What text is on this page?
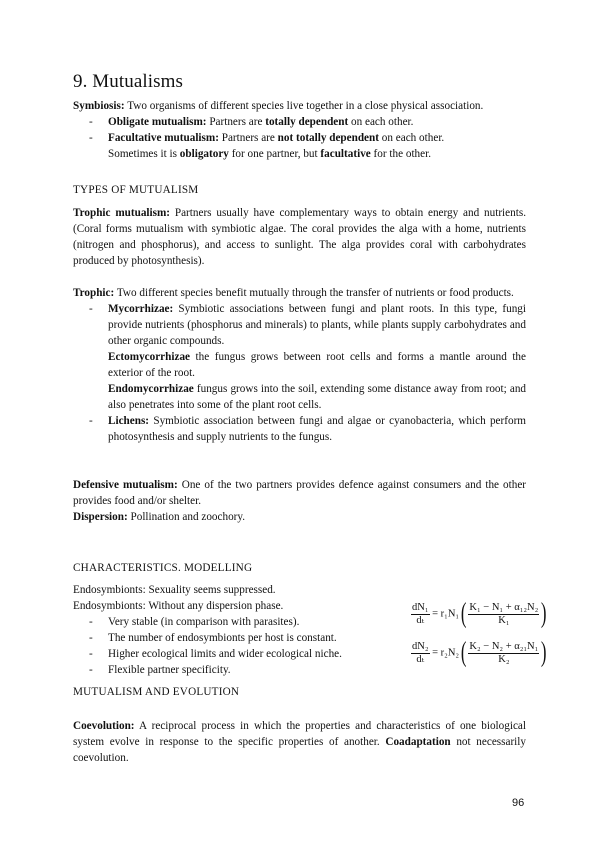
9. Mutualisms
Symbiosis: Two organisms of different species live together in a close physical association.
- Obligate mutualism: Partners are totally dependent on each other.
- Facultative mutualism: Partners are not totally dependent on each other.
Sometimes it is obligatory for one partner, but facultative for the other.
TYPES OF MUTUALISM

Trophic mutualism: Partners usually have complementary ways to obtain energy and nutrients. (Coral forms mutualism with symbiotic algae. The coral provides the alga with a home, nutrients (nitrogen and phosphorus), and access to sunlight. The alga provides coral with carbohydrates produced by photosynthesis).

Trophic: Two different species benefit mutually through the transfer of nutrients or food products.
- Mycorrhizae: Symbiotic associations between fungi and plant roots. In this type, fungi provide nutrients (phosphorus and minerals) to plants, while plants supply carbohydrates and other organic compounds.
Ectomycorrhizae the fungus grows between root cells and forms a mantle around the exterior of the root.
Endomycorrhizae fungus grows into the soil, extending some distance away from root; and also penetrates into some of the plant root cells.
- Lichens: Symbiotic association between fungi and algae or cyanobacteria, which perform photosynthesis and supply nutrients to the fungus.

Defensive mutualism: One of the two partners provides defence against consumers and the other provides food and/or shelter.

Dispersion: Pollination and zoochory.

CHARACTERISTICS. MODELLING
Endosymbionts: Sexuality seems suppressed.
Endosymbionts: Without any dispersion phase.
- Very stable (in comparison with parasites).
- The number of endosymbionts per host is constant.
- Higher ecological limits and wider ecological niche.
- Flexible partner specificity.
MUTUALISM AND EVOLUTION

Coevolution: A reciprocal process in which the properties and characteristics of one biological system evolve in response to the specific properties of another. Coadaptation not necessarily coevolution.

$\frac{\text{dN₁}}{\text{dₜ}} = r_1N_1( \frac{\text{K₁ − N₁ + α₁₂N₂}}{\text{K₁}}$ )
$\frac{\text{dN₂}}{\text{dₜ}} = r_2N_2( \frac{\text{K₂ − N₂ + α₂₁N₁}}{\text{K₂}}$ )
96
